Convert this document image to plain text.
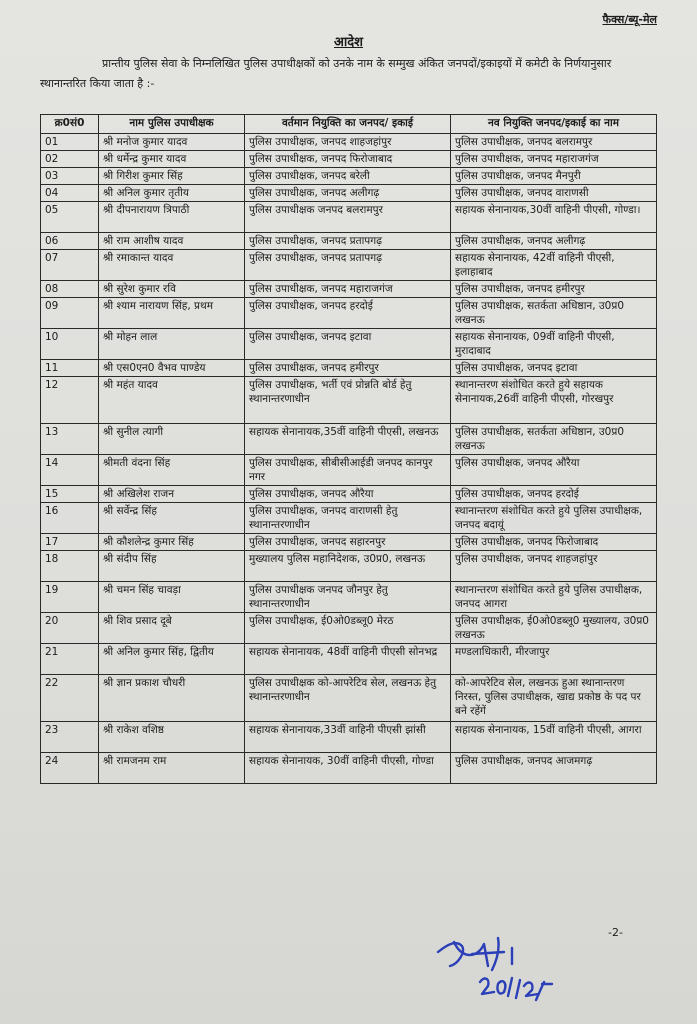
फैक्स/ब्यू-मेल
आदेश
प्रान्तीय पुलिस सेवा के निम्नलिखित पुलिस उपाधीक्षकों को उनके नाम के सम्मुख अंकित जनपदों/इकाइयों में कमेटी के निर्णयानुसार स्थानान्तरित किया जाता है :-
क्र0सं0	नाम पुलिस उपाधीक्षक	वर्तमान नियुक्ति का जनपद/ इकाई	नव नियुक्ति जनपद/इकाई का नाम
01	श्री मनोज कुमार यादव	पुलिस उपाधीक्षक, जनपद शाहजहांपुर	पुलिस उपाधीक्षक, जनपद बलरामपुर
02	श्री धर्मेन्द्र कुमार यादव	पुलिस उपाधीक्षक, जनपद फिरोजाबाद	पुलिस उपाधीक्षक, जनपद महाराजगंज
03	श्री गिरीश कुमार सिंह	पुलिस उपाधीक्षक, जनपद बरेली	पुलिस उपाधीक्षक, जनपद मैनपुरी
04	श्री अनिल कुमार तृतीय	पुलिस उपाधीक्षक, जनपद अलीगढ़	पुलिस उपाधीक्षक, जनपद वाराणसी
05	श्री दीपनारायण त्रिपाठी	पुलिस उपाधीक्षक जनपद बलरामपुर	सहायक सेनानायक,30वीं वाहिनी पीएसी, गोण्डा।
06	श्री राम आशीष यादव	पुलिस उपाधीक्षक, जनपद प्रतापगढ़	पुलिस उपाधीक्षक, जनपद अलीगढ़
07	श्री रमाकान्त यादव	पुलिस उपाधीक्षक, जनपद प्रतापगढ़	सहायक सेनानायक, 42वीं वाहिनी पीएसी, इलाहाबाद
08	श्री सुरेश कुमार रवि	पुलिस उपाधीक्षक, जनपद महाराजगंज	पुलिस उपाधीक्षक, जनपद हमीरपुर
09	श्री श्याम नारायण सिंह, प्रथम	पुलिस उपाधीक्षक, जनपद हरदोई	पुलिस उपाधीक्षक, सतर्कता अधिष्ठान, उ0प्र0 लखनऊ
10	श्री मोहन लाल	पुलिस उपाधीक्षक, जनपद इटावा	सहायक सेनानायक, 09वीं वाहिनी पीएसी, मुरादाबाद
11	श्री एस0एन0 वैभव पाण्डेय	पुलिस उपाधीक्षक, जनपद हमीरपुर	पुलिस उपाधीक्षक, जनपद इटावा
12	श्री महंत यादव	पुलिस उपाधीक्षक, भर्ती एवं प्रोन्नति बोर्ड हेतु स्थानान्तरणाधीन	स्थानान्तरण संशोधित करते हुये सहायक सेनानायक,26वीं वाहिनी पीएसी, गोरखपुर
13	श्री सुनील त्यागी	सहायक सेनानायक,35वीं वाहिनी पीएसी, लखनऊ	पुलिस उपाधीक्षक, सतर्कता अधिष्ठान, उ0प्र0 लखनऊ
14	श्रीमती वंदना सिंह	पुलिस उपाधीक्षक, सीबीसीआईडी जनपद कानपुर नगर	पुलिस उपाधीक्षक, जनपद औरैया
15	श्री अखिलेश राजन	पुलिस उपाधीक्षक, जनपद औरैया	पुलिस उपाधीक्षक, जनपद हरदोई
16	श्री सर्वेन्द्र सिंह	पुलिस उपाधीक्षक, जनपद वाराणसी हेतु स्थानान्तरणाधीन	स्थानान्तरण संशोधित करते हुये पुलिस उपाधीक्षक, जनपद बदायूं
17	श्री कौशलेन्द्र कुमार सिंह	पुलिस उपाधीक्षक, जनपद सहारनपुर	पुलिस उपाधीक्षक, जनपद फिरोजाबाद
18	श्री संदीप सिंह	मुख्यालय पुलिस महानिदेशक, उ0प्र0, लखनऊ	पुलिस उपाधीक्षक, जनपद शाहजहांपुर
19	श्री चमन सिंह चावड़ा	पुलिस उपाधीक्षक जनपद जौनपुर हेतु स्थानान्तरणाधीन	स्थानान्तरण संशोधित करते हुये पुलिस उपाधीक्षक, जनपद आगरा
20	श्री शिव प्रसाद दूबे	पुलिस उपाधीक्षक, ई0ओ0डब्लू0 मेरठ	पुलिस उपाधीक्षक, ई0ओ0डब्लू0 मुख्यालय, उ0प्र0 लखनऊ
21	श्री अनिल कुमार सिंह, द्वितीय	सहायक सेनानायक, 48वीं वाहिनी पीएसी सोनभद्र	मण्डलाधिकारी, मीरजापुर
22	श्री ज्ञान प्रकाश चौधरी	पुलिस उपाधीक्षक को-आपरेटिव सेल, लखनऊ हेतु स्थानान्तरणाधीन	को-आपरेटिव सेल, लखनऊ हुआ स्थानान्तरण निरस्त, पुलिस उपाधीक्षक, खाद्य प्रकोष्ठ के पद पर बने रहेंगें
23	श्री राकेश वशिष्ठ	सहायक सेनानायक,33वीं वाहिनी पीएसी झांसी	सहायक सेनानायक, 15वीं वाहिनी पीएसी, आगरा
24	श्री रामजनम राम	सहायक सेनानायक, 30वीं वाहिनी पीएसी, गोण्डा	पुलिस उपाधीक्षक, जनपद आजमगढ़
-2-
